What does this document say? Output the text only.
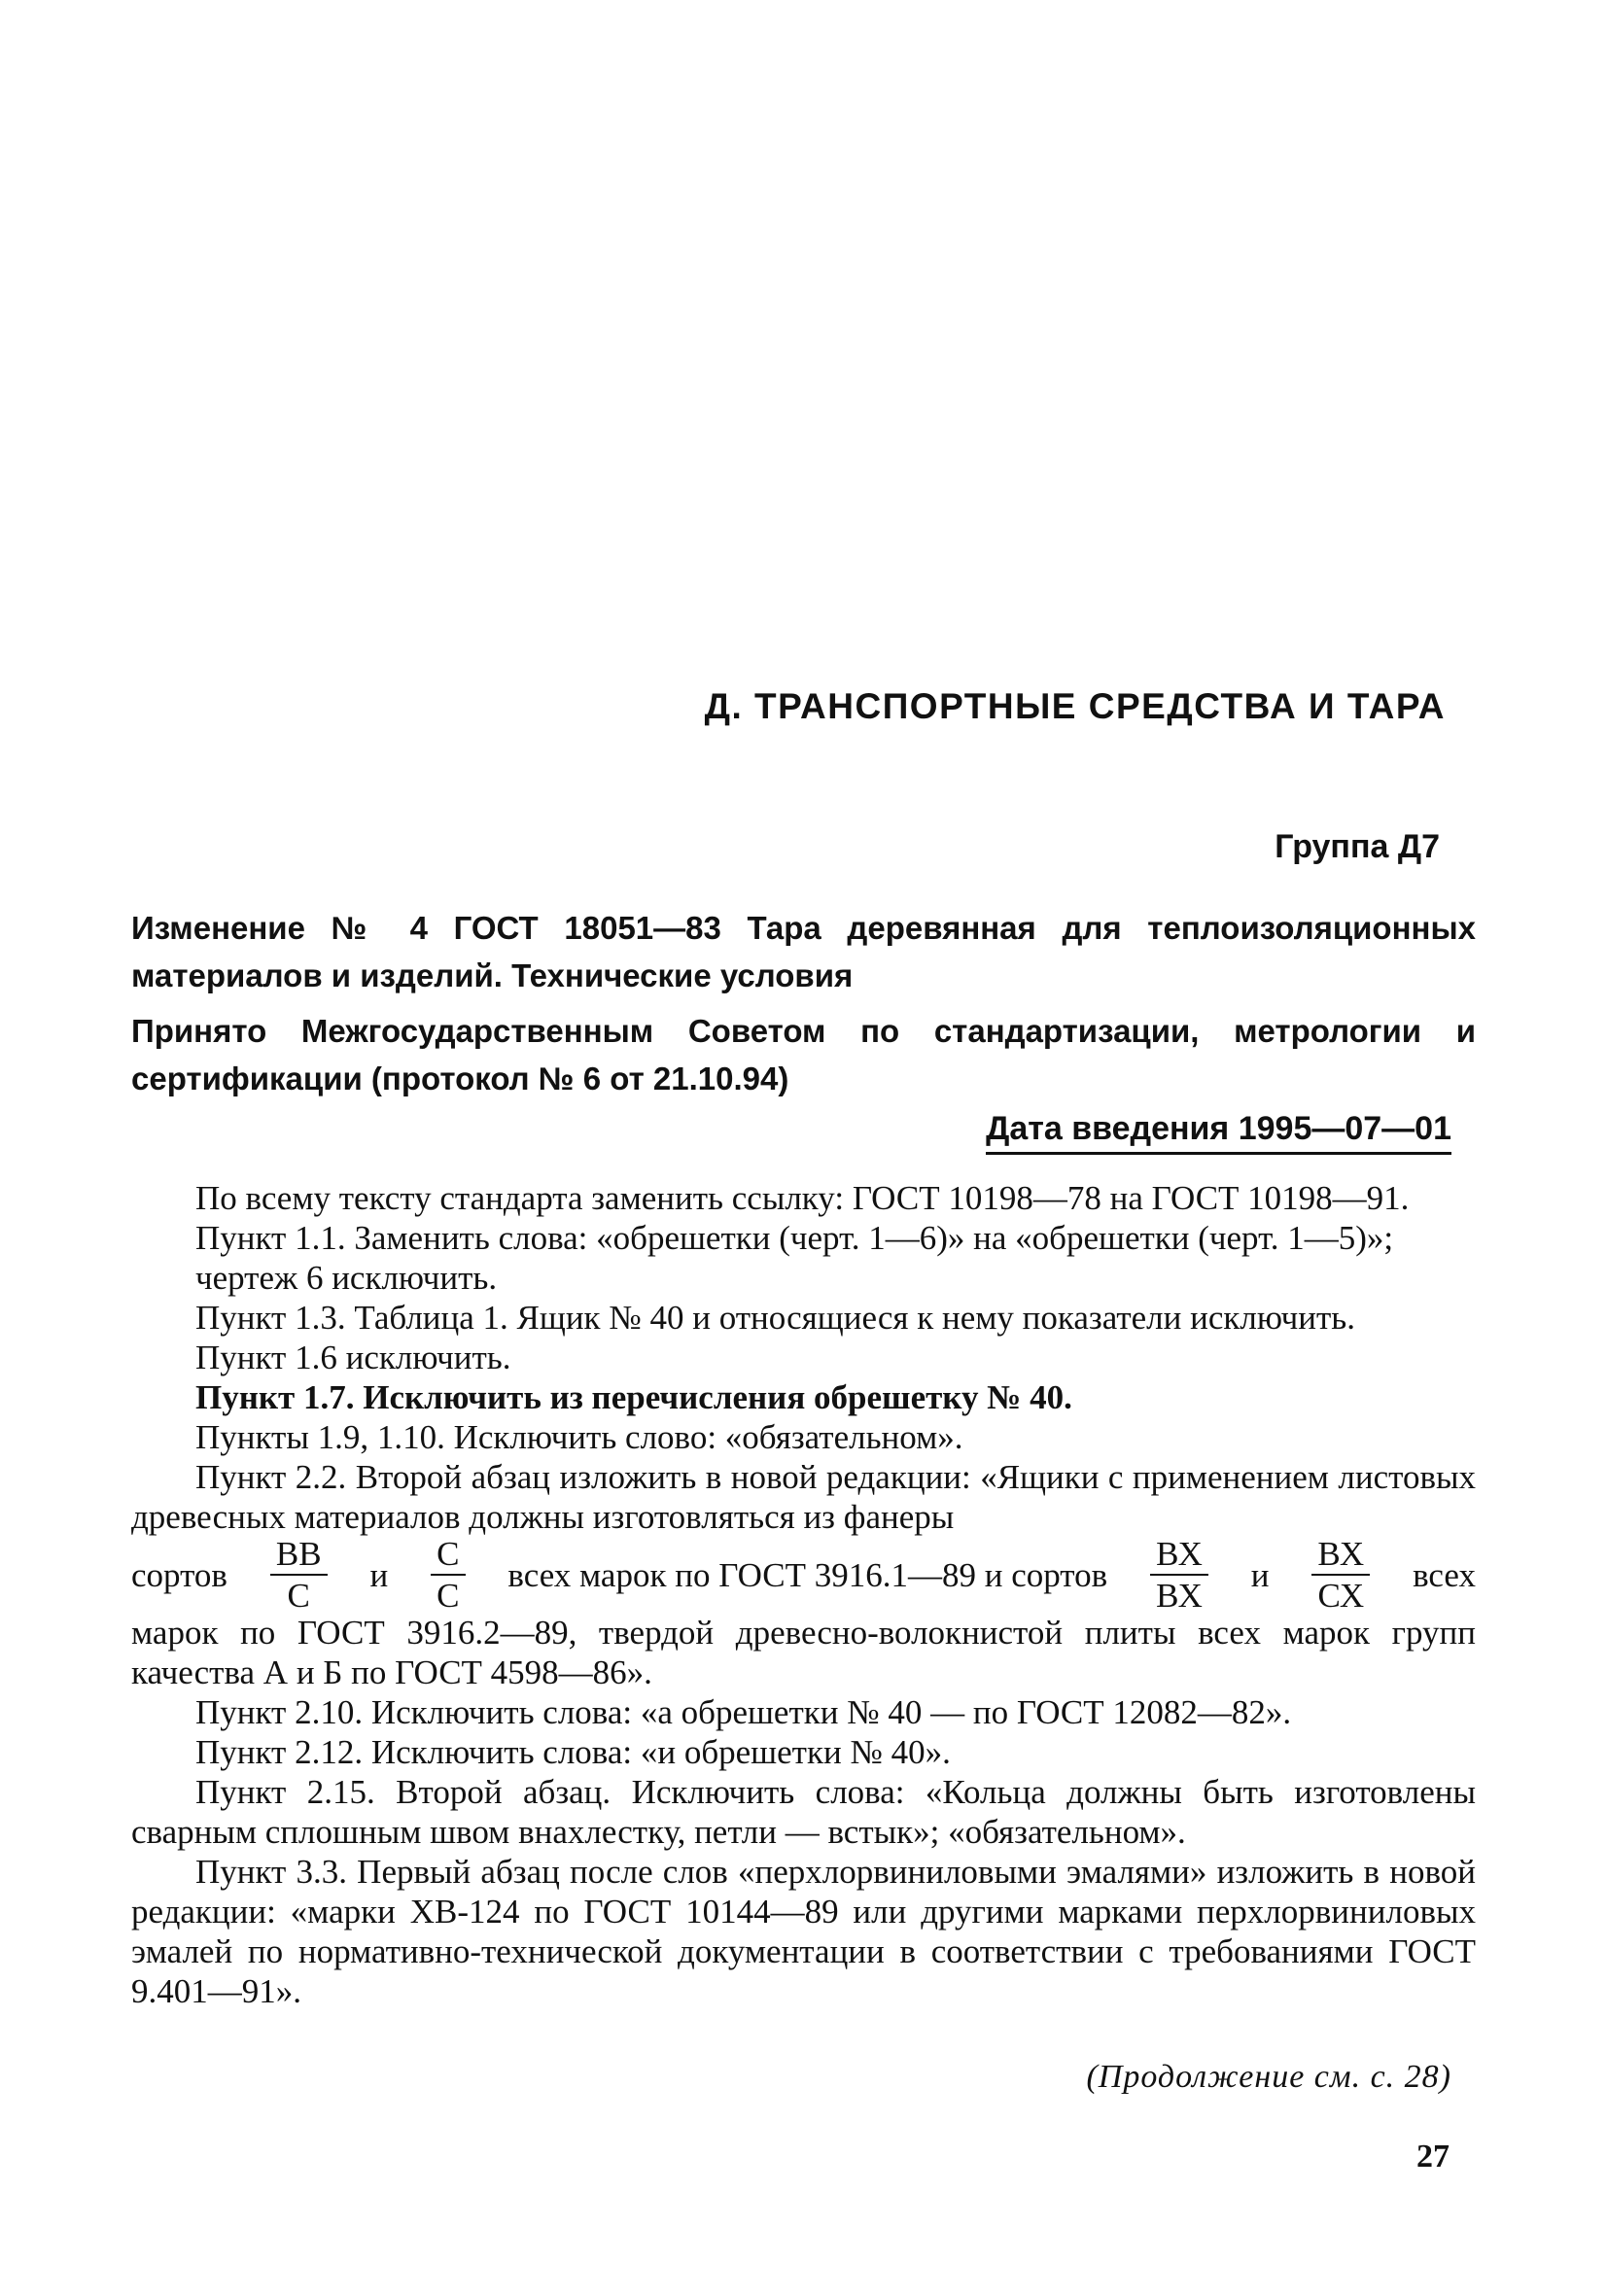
Д. ТРАНСПОРТНЫЕ СРЕДСТВА И ТАРА
Группа Д7
Изменение № 4 ГОСТ 18051—83 Тара деревянная для теплоизоляционных материалов и изделий. Технические условия
Принято Межгосударственным Советом по стандартизации, метрологии и сертификации (протокол № 6 от 21.10.94)
Дата введения 1995—07—01

По всему тексту стандарта заменить ссылку: ГОСТ 10198—78 на ГОСТ 10198—91.

Пункт 1.1. Заменить слова: «обрешетки (черт. 1—6)» на «обрешетки (черт. 1—5)»;

чертеж 6 исключить.

Пункт 1.3. Таблица 1. Ящик № 40 и относящиеся к нему показатели исключить.

Пункт 1.6 исключить.

Пункт 1.7. Исключить из перечисления обрешетку № 40.

Пункты 1.9, 1.10. Исключить слово: «обязательном».

Пункт 2.2. Второй абзац изложить в новой редакции: «Ящики с применением листовых древесных материалов должны изготовляться из фанеры

сортов $\frac{ВВ}{С}$ и $\frac{С}{С}$ всех марок по ГОСТ 3916.1—89 и сортов $\frac{ВХ}{ВХ}$ и $\frac{ВХ}{СХ}$ всех

марок по ГОСТ 3916.2—89, твердой древесно-волокнистой плиты всех марок групп качества А и Б по ГОСТ 4598—86».

Пункт 2.10. Исключить слова: «а обрешетки № 40 — по ГОСТ 12082—82».

Пункт 2.12. Исключить слова: «и обрешетки № 40».

Пункт 2.15. Второй абзац. Исключить слова: «Кольца должны быть изготовлены сварным сплошным швом внахлестку, петли — встык»; «обязательном».

Пункт 3.3. Первый абзац после слов «перхлорвиниловыми эмалями» изложить в новой редакции: «марки ХВ-124 по ГОСТ 10144—89 или другими марками перхлорвиниловых эмалей по нормативно-технической документации в соответствии с требованиями ГОСТ 9.401—91».

(Продолжение см. с. 28)
27
